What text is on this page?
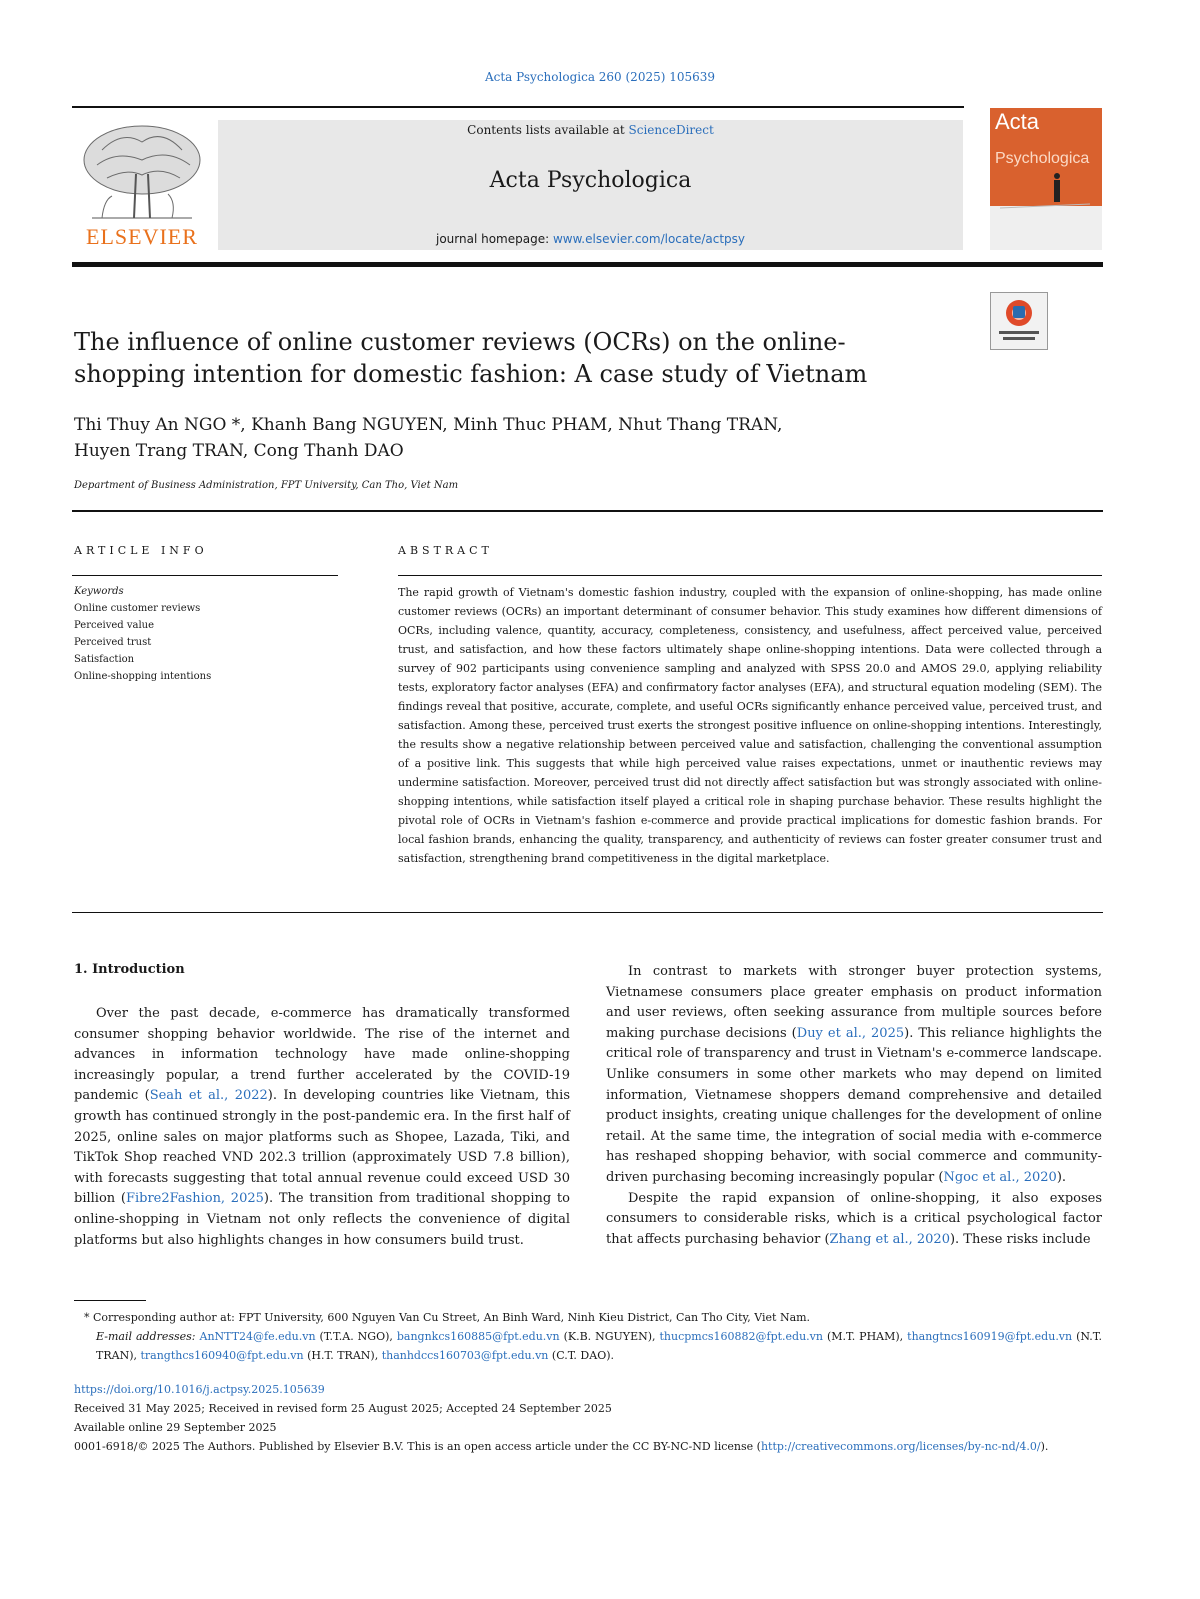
Acta Psychologica 260 (2025) 105639
ELSEVIER
Contents lists available at ScienceDirect
Acta Psychologica
journal homepage: www.elsevier.com/locate/actpsy
Acta
Psychologica
The influence of online customer reviews (OCRs) on the online-shopping intention for domestic fashion: A case study of Vietnam
Thi Thuy An NGO *, Khanh Bang NGUYEN, Minh Thuc PHAM, Nhut Thang TRAN,
Huyen Trang TRAN, Cong Thanh DAO
Department of Business Administration, FPT University, Can Tho, Viet Nam
ARTICLE INFO
Keywords
Online customer reviews
Perceived value
Perceived trust
Satisfaction
Online-shopping intentions
ABSTRACT
The rapid growth of Vietnam's domestic fashion industry, coupled with the expansion of online-shopping, has made online customer reviews (OCRs) an important determinant of consumer behavior. This study examines how different dimensions of OCRs, including valence, quantity, accuracy, completeness, consistency, and usefulness, affect perceived value, perceived trust, and satisfaction, and how these factors ultimately shape online-shopping intentions. Data were collected through a survey of 902 participants using convenience sampling and analyzed with SPSS 20.0 and AMOS 29.0, applying reliability tests, exploratory factor analyses (EFA) and confirmatory factor analyses (EFA), and structural equation modeling (SEM). The findings reveal that positive, accurate, complete, and useful OCRs significantly enhance perceived value, perceived trust, and satisfaction. Among these, perceived trust exerts the strongest positive influence on online-shopping intentions. Interestingly, the results show a negative relationship between perceived value and satisfaction, challenging the conventional assumption of a positive link. This suggests that while high perceived value raises expectations, unmet or inauthentic reviews may undermine satisfaction. Moreover, perceived trust did not directly affect satisfaction but was strongly associated with online-shopping intentions, while satisfaction itself played a critical role in shaping purchase behavior. These results highlight the pivotal role of OCRs in Vietnam's fashion e-commerce and provide practical implications for domestic fashion brands. For local fashion brands, enhancing the quality, transparency, and authenticity of reviews can foster greater consumer trust and satisfaction, strengthening brand competitiveness in the digital marketplace.
1. Introduction

Over the past decade, e-commerce has dramatically transformed consumer shopping behavior worldwide. The rise of the internet and advances in information technology have made online-shopping increasingly popular, a trend further accelerated by the COVID-19 pandemic (Seah et al., 2022). In developing countries like Vietnam, this growth has continued strongly in the post-pandemic era. In the first half of 2025, online sales on major platforms such as Shopee, Lazada, Tiki, and TikTok Shop reached VND 202.3 trillion (approximately USD 7.8 billion), with forecasts suggesting that total annual revenue could exceed USD 30 billion (Fibre2Fashion, 2025). The transition from traditional shopping to online-shopping in Vietnam not only reflects the convenience of digital platforms but also highlights changes in how consumers build trust.

In contrast to markets with stronger buyer protection systems, Vietnamese consumers place greater emphasis on product information and user reviews, often seeking assurance from multiple sources before making purchase decisions (Duy et al., 2025). This reliance highlights the critical role of transparency and trust in Vietnam's e-commerce landscape. Unlike consumers in some other markets who may depend on limited information, Vietnamese shoppers demand comprehensive and detailed product insights, creating unique challenges for the development of online retail. At the same time, the integration of social media with e-commerce has reshaped shopping behavior, with social commerce and community-driven purchasing becoming increasingly popular (Ngoc et al., 2020).

Despite the rapid expansion of online-shopping, it also exposes consumers to considerable risks, which is a critical psychological factor that affects purchasing behavior (Zhang et al., 2020). These risks include

* Corresponding author at: FPT University, 600 Nguyen Van Cu Street, An Binh Ward, Ninh Kieu District, Can Tho City, Viet Nam.
E-mail addresses: AnNTT24@fe.edu.vn (T.T.A. NGO), bangnkcs160885@fpt.edu.vn (K.B. NGUYEN), thucpmcs160882@fpt.edu.vn (M.T. PHAM), thangtncs160919@fpt.edu.vn (N.T. TRAN), trangthcs160940@fpt.edu.vn (H.T. TRAN), thanhdccs160703@fpt.edu.vn (C.T. DAO).
https://doi.org/10.1016/j.actpsy.2025.105639
Received 31 May 2025; Received in revised form 25 August 2025; Accepted 24 September 2025
Available online 29 September 2025
0001-6918/© 2025 The Authors. Published by Elsevier B.V. This is an open access article under the CC BY-NC-ND license (http://creativecommons.org/licenses/by-nc-nd/4.0/).
